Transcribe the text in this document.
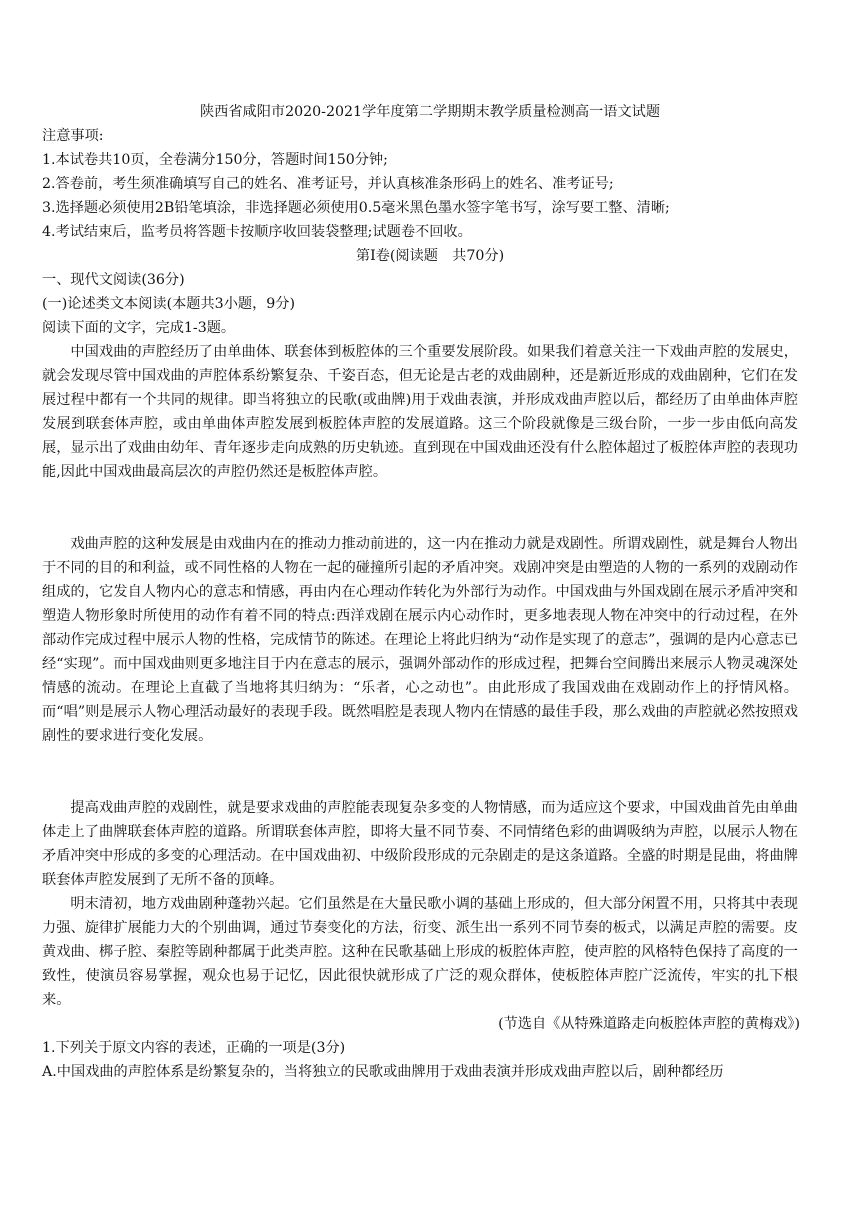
陕西省咸阳市2020-2021学年度第二学期期末教学质量检测高一语文试题
注意事项:
1.本试卷共10页，全卷满分150分，答题时间150分钟;
2.答卷前，考生须准确填写自己的姓名、准考证号，并认真核准条形码上的姓名、准考证号;
3.选择题必须使用2B铅笔填涂，非选择题必须使用0.5毫米黑色墨水签字笔书写，涂写要工整、清晰;
4.考试结束后，监考员将答题卡按顺序收回装袋整理;试题卷不回收。
第Ⅰ卷(阅读题　共70分)
一、现代文阅读(36分)
(一)论述类文本阅读(本题共3小题，9分)
阅读下面的文字，完成1-3题。
中国戏曲的声腔经历了由单曲体、联套体到板腔体的三个重要发展阶段。如果我们着意关注一下戏曲声腔的发展史，就会发现尽管中国戏曲的声腔体系纷繁复杂、千姿百态，但无论是古老的戏曲剧种，还是新近形成的戏曲剧种，它们在发展过程中都有一个共同的规律。即当将独立的民歌(或曲牌)用于戏曲表演，并形成戏曲声腔以后，都经历了由单曲体声腔发展到联套体声腔，或由单曲体声腔发展到板腔体声腔的发展道路。这三个阶段就像是三级台阶，一步一步由低向高发展，显示出了戏曲由幼年、青年逐步走向成熟的历史轨迹。直到现在中国戏曲还没有什么腔体超过了板腔体声腔的表现功能,因此中国戏曲最高层次的声腔仍然还是板腔体声腔。
戏曲声腔的这种发展是由戏曲内在的推动力推动前进的，这一内在推动力就是戏剧性。所谓戏剧性，就是舞台人物出于不同的目的和利益，或不同性格的人物在一起的碰撞所引起的矛盾冲突。戏剧冲突是由塑造的人物的一系列的戏剧动作组成的，它发自人物内心的意志和情感，再由内在心理动作转化为外部行为动作。中国戏曲与外国戏剧在展示矛盾冲突和塑造人物形象时所使用的动作有着不同的特点:西洋戏剧在展示内心动作时，更多地表现人物在冲突中的行动过程，在外部动作完成过程中展示人物的性格，完成情节的陈述。在理论上将此归纳为“动作是实现了的意志”，强调的是内心意志已经“实现”。而中国戏曲则更多地注目于内在意志的展示，强调外部动作的形成过程，把舞台空间腾出来展示人物灵魂深处情感的流动。在理论上直截了当地将其归纳为：“乐者，心之动也”。由此形成了我国戏曲在戏剧动作上的抒情风格。而“唱”则是展示人物心理活动最好的表现手段。既然唱腔是表现人物内在情感的最佳手段，那么戏曲的声腔就必然按照戏剧性的要求进行变化发展。
提高戏曲声腔的戏剧性，就是要求戏曲的声腔能表现复杂多变的人物情感，而为适应这个要求，中国戏曲首先由单曲体走上了曲牌联套体声腔的道路。所谓联套体声腔，即将大量不同节奏、不同情绪色彩的曲调吸纳为声腔，以展示人物在矛盾冲突中形成的多变的心理活动。在中国戏曲初、中级阶段形成的元杂剧走的是这条道路。全盛的时期是昆曲，将曲牌联套体声腔发展到了无所不备的顶峰。
明末清初，地方戏曲剧种蓬勃兴起。它们虽然是在大量民歌小调的基础上形成的，但大部分闲置不用，只将其中表现力强、旋律扩展能力大的个别曲调，通过节奏变化的方法，衍变、派生出一系列不同节奏的板式，以满足声腔的需要。皮黄戏曲、梆子腔、秦腔等剧种都属于此类声腔。这种在民歌基础上形成的板腔体声腔，使声腔的风格特色保持了高度的一致性，使演员容易掌握，观众也易于记忆，因此很快就形成了广泛的观众群体，使板腔体声腔广泛流传，牢实的扎下根来。
(节选自《从特殊道路走向板腔体声腔的黄梅戏》)
1.下列关于原文内容的表述，正确的一项是(3分)
A.中国戏曲的声腔体系是纷繁复杂的，当将独立的民歌或曲牌用于戏曲表演并形成戏曲声腔以后，剧种都经历
